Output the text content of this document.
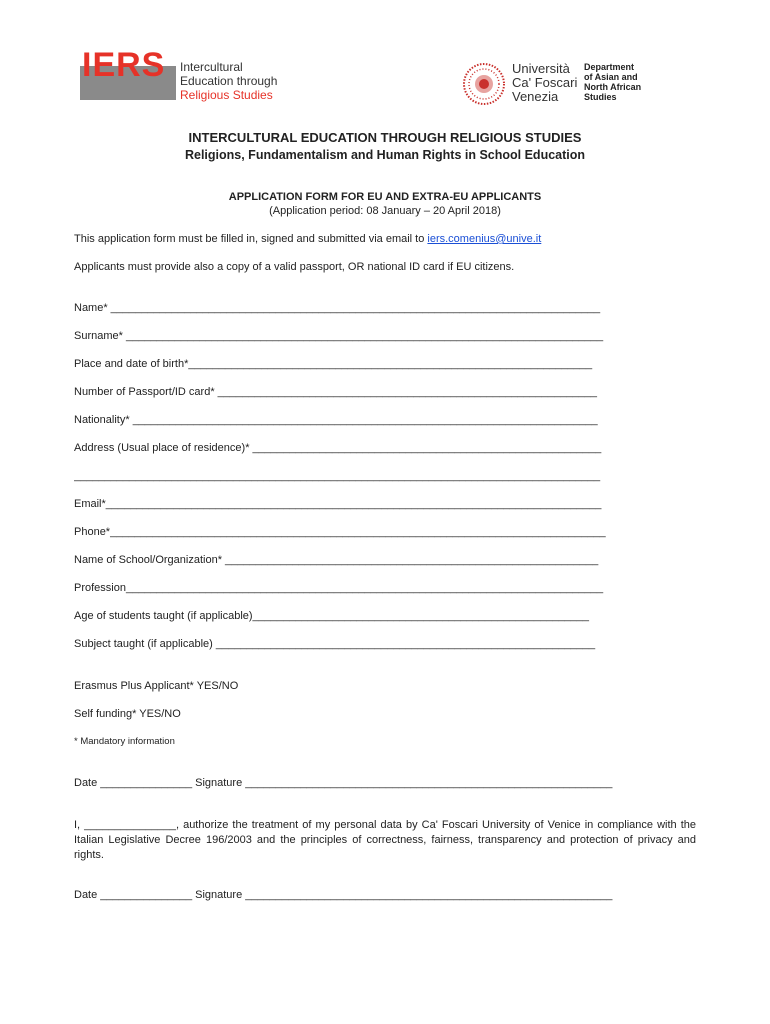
IERS Intercultural
Education through
Religious Studies
Università
Ca' Foscari
Venezia
Department
of Asian and
North African
Studies
INTERCULTURAL EDUCATION THROUGH RELIGIOUS STUDIES
Religions, Fundamentalism and Human Rights in School Education
APPLICATION FORM FOR EU AND EXTRA-EU APPLICANTS
(Application period: 08 January – 20 April 2018)
This application form must be filled in, signed and submitted via email to iers.comenius@unive.it
Applicants must provide also a copy of a valid passport, OR national ID card if EU citizens.
Name* ________________________________________________________________________________
Surname* ______________________________________________________________________________
Place and date of birth*__________________________________________________________________
Number of Passport/ID card* ______________________________________________________________
Nationality* ____________________________________________________________________________
Address (Usual place of residence)* _________________________________________________________
______________________________________________________________________________________
Email*_________________________________________________________________________________
Phone*_________________________________________________________________________________
Name of School/Organization* _____________________________________________________________
Profession______________________________________________________________________________
Age of students taught (if applicable)_______________________________________________________
Subject taught (if applicable) ______________________________________________________________
Erasmus Plus Applicant* YES/NO
Self funding* YES/NO
* Mandatory information
Date _______________ Signature ____________________________________________________________
I, _______________, authorize the treatment of my personal data by Ca' Foscari University of Venice in compliance with the Italian Legislative Decree 196/2003 and the principles of correctness, fairness, transparency and protection of privacy and rights.
Date _______________ Signature ____________________________________________________________
